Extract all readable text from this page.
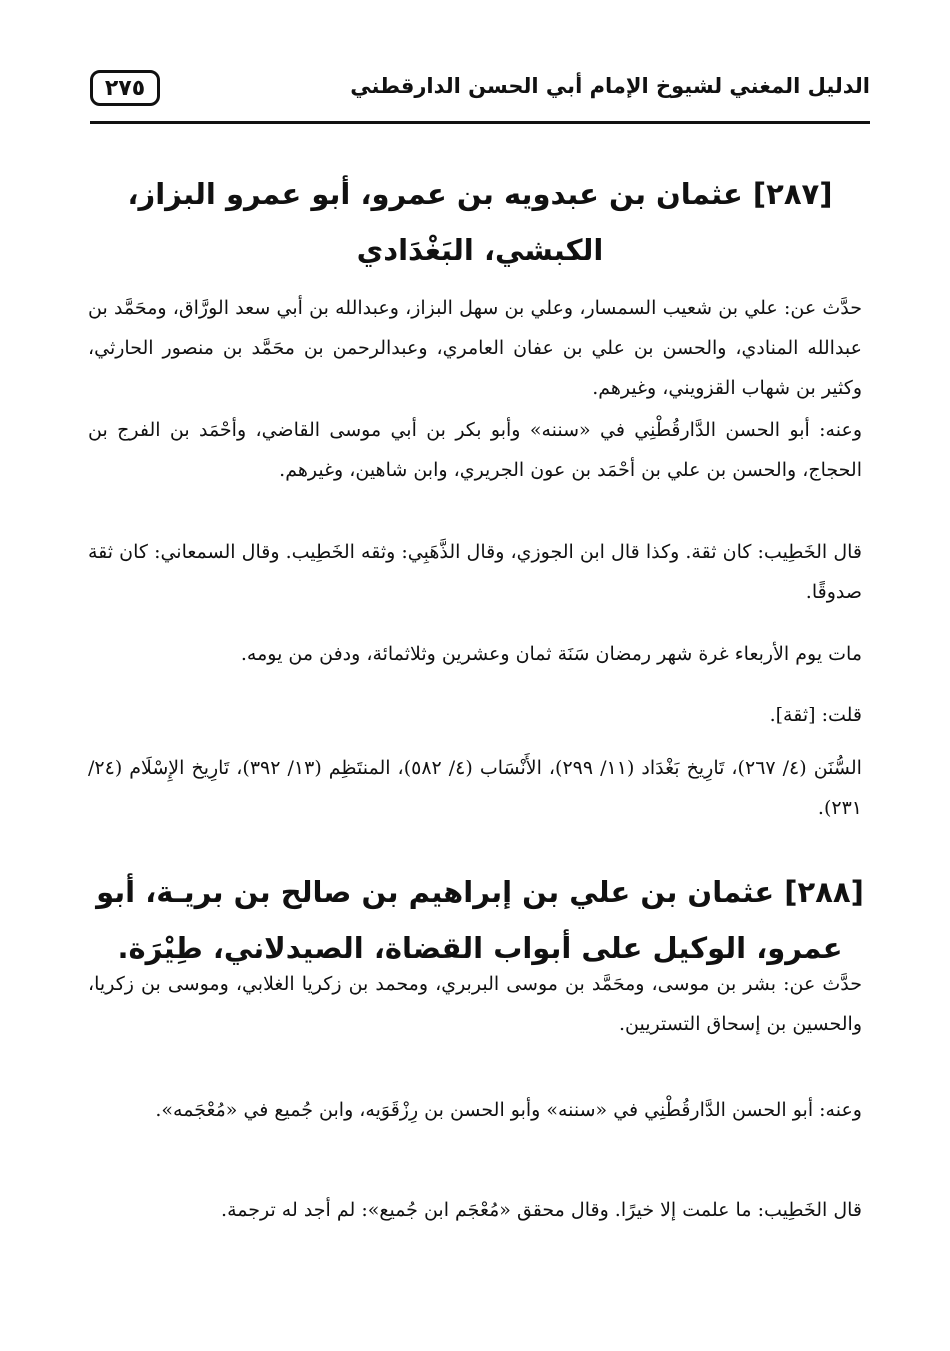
الدليل المغني لشيوخ الإمام أبي الحسن الدارقطني
٢٧٥
[٢٨٧] عثمان بن عبدويه بن عمرو، أبو عمرو البزاز، الكبشي، البَغْدَادي
حدَّث عن: علي بن شعيب السمسار، وعلي بن سهل البزاز، وعبدالله بن أبي سعد الورَّاق، ومحَمَّد بن عبدالله المنادي، والحسن بن علي بن عفان العامري، وعبدالرحمن بن محَمَّد بن منصور الحارثي، وكثير بن شهاب القزويني، وغيرهم.
وعنه: أبو الحسن الدَّارقُطْنِي في «سننه» وأبو بكر بن أبي موسى القاضي، وأحْمَد بن الفرج بن الحجاج، والحسن بن علي بن أحْمَد بن عون الجريري، وابن شاهين، وغيرهم.
قال الخَطِيب: كان ثقة. وكذا قال ابن الجوزي، وقال الذَّهَبِي: وثقه الخَطِيب. وقال السمعاني: كان ثقة صدوقًا.
مات يوم الأربعاء غرة شهر رمضان سَنَة ثمان وعشرين وثلاثمائة، ودفن من يومه.
قلت: [ثقة].
السُّنَن (٤/ ٢٦٧)، تَارِيخ بَغْدَاد (١١/ ٢٩٩)، الأَنْسَاب (٤/ ٥٨٢)، المنتَظِم (١٣/ ٣٩٢)، تَارِيخ الإِسْلَام (٢٤/ ٢٣١).
[٢٨٨] عثمان بن علي بن إبراهيم بن صالح بن بريـة، أبو عمرو، الوكيل على أبواب القضاة، الصيدلاني، طِيْرَة.
حدَّث عن: بشر بن موسى، ومحَمَّد بن موسى البربري، ومحمد بن زكريا الغلابي، وموسى بن زكريا، والحسين بن إسحاق التستريين.
وعنه: أبو الحسن الدَّارقُطْنِي في «سننه» وأبو الحسن بن رِزْقَوَيه، وابن جُميع في «مُعْجَمه».
قال الخَطِيب: ما علمت إلا خيرًا. وقال محقق «مُعْجَم ابن جُميع»: لم أجد له ترجمة.
